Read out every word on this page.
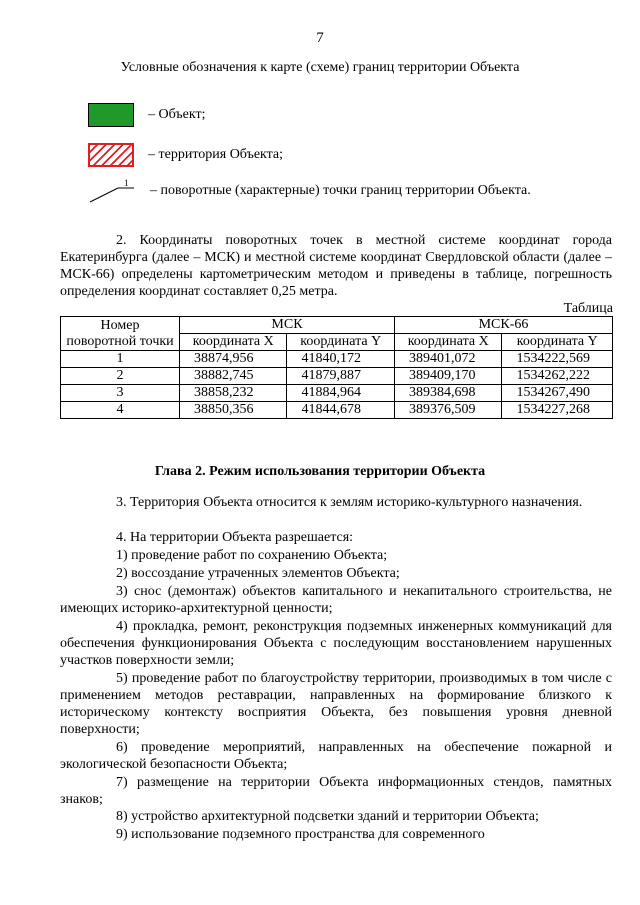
7
Условные обозначения к карте (схеме) границ территории Объекта
– Объект;
– территория Объекта;
1 – поворотные (характерные) точки границ территории Объекта.
2. Координаты поворотных точек в местной системе координат города Екатеринбурга (далее – МСК) и местной системе координат Свердловской области (далее – МСК-66) определены картометрическим методом и приведены в таблице, погрешность определения координат составляет 0,25 метра.
Таблица
Номер поворотной точки	МСК		МСК-66	
	координата X	координата Y	координата X	координата Y
1	38874,956	41840,172	389401,072	1534222,569
2	38882,745	41879,887	389409,170	1534262,222
3	38858,232	41884,964	389384,698	1534267,490
4	38850,356	41844,678	389376,509	1534227,268
Глава 2. Режим использования территории Объекта
3. Территория Объекта относится к землям историко-культурного назначения.
4. На территории Объекта разрешается:
1) проведение работ по сохранению Объекта;
2) воссоздание утраченных элементов Объекта;
3) снос (демонтаж) объектов капитального и некапитального строительства, не имеющих историко-архитектурной ценности;
4) прокладка, ремонт, реконструкция подземных инженерных коммуникаций для обеспечения функционирования Объекта с последующим восстановлением нарушенных участков поверхности земли;
5) проведение работ по благоустройству территории, производимых в том числе с применением методов реставрации, направленных на формирование близкого к историческому контексту восприятия Объекта, без повышения уровня дневной поверхности;
6) проведение мероприятий, направленных на обеспечение пожарной и экологической безопасности Объекта;
7) размещение на территории Объекта информационных стендов, памятных знаков;
8) устройство архитектурной подсветки зданий и территории Объекта;
9) использование подземного пространства для современного
